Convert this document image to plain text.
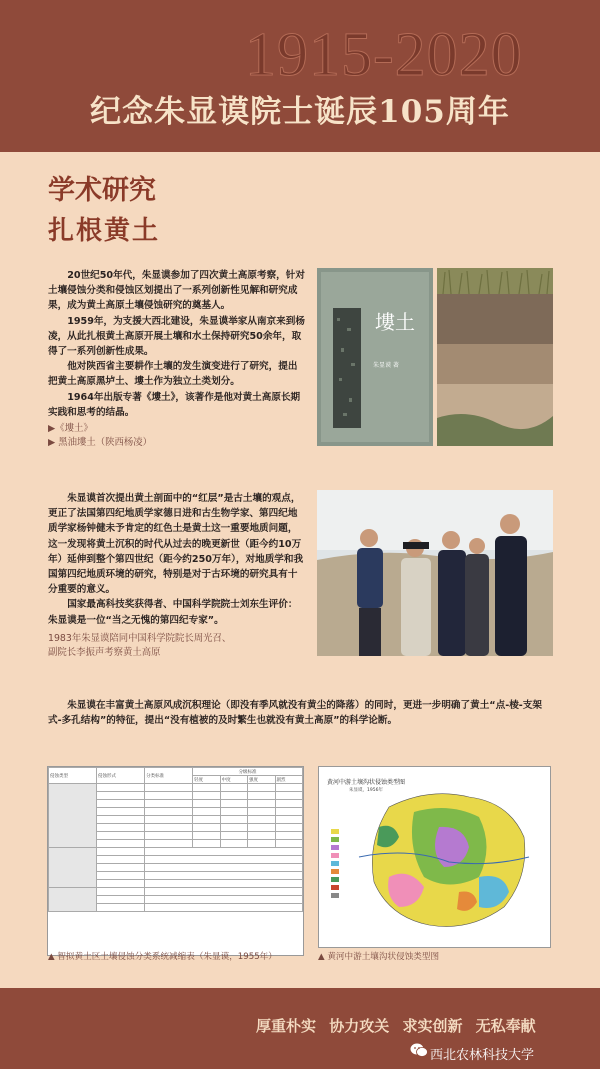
1915-2020
纪念朱显谟院士诞辰105周年
学术研究
扎根黄土

20世纪50年代，朱显谟参加了四次黄土高原考察，针对土壤侵蚀分类和侵蚀区划提出了一系列创新性见解和研究成果，成为黄土高原土壤侵蚀研究的奠基人。

1959年，为支援大西北建设，朱显谟举家从南京来到杨凌，从此扎根黄土高原开展土壤和水土保持研究50余年，取得了一系列创新性成果。

他对陕西省主要耕作土壤的发生演变进行了研究，提出把黄土高原黑垆土、塿土作为独立土类划分。

1964年出版专著《塿土》，该著作是他对黄土高原长期实践和思考的结晶。

▶《塿土》
▶ 黑油塿土（陕西杨凌）
塿土
朱显谟 著

朱显谟首次提出黄土剖面中的“红层”是古土壤的观点，更正了法国第四纪地质学家德日进和古生物学家、第四纪地质学家杨钟健未予肯定的红色土是黄土这一重要地质问题，这一发现将黄土沉积的时代从过去的晚更新世（距今约10万年）延伸到整个第四世纪（距今约250万年），对地质学和我国第四纪地质环境的研究，特别是对于古环境的研究具有十分重要的意义。

国家最高科技奖获得者、中国科学院院士刘东生评价：朱显谟是一位“当之无愧的第四纪专家”。

1983年朱显谟陪同中国科学院院长周光召、
副院长李振声考察黄土高原

朱显谟在丰富黄土高原风成沉积理论（即没有季风就没有黄尘的降落）的同时，更进一步明确了黄土“点-棱-支架式-多孔结构”的特征，提出“没有植被的及时繁生也就没有黄土高原”的科学论断。

侵蚀类型	侵蚀形式	分类标准	分级标准			
			轻度	中度	强度	剧烈

		黄河中游土壤沟状侵蚀类型图
朱显谟，1956年
▲ 智拟黄土区土壤侵蚀分类系统减缩表（朱显谟，1955年）	▲ 黄河中游土壤沟状侵蚀类型图
厚重朴实 协力攻关 求实创新 无私奉献
西北农林科技大学
